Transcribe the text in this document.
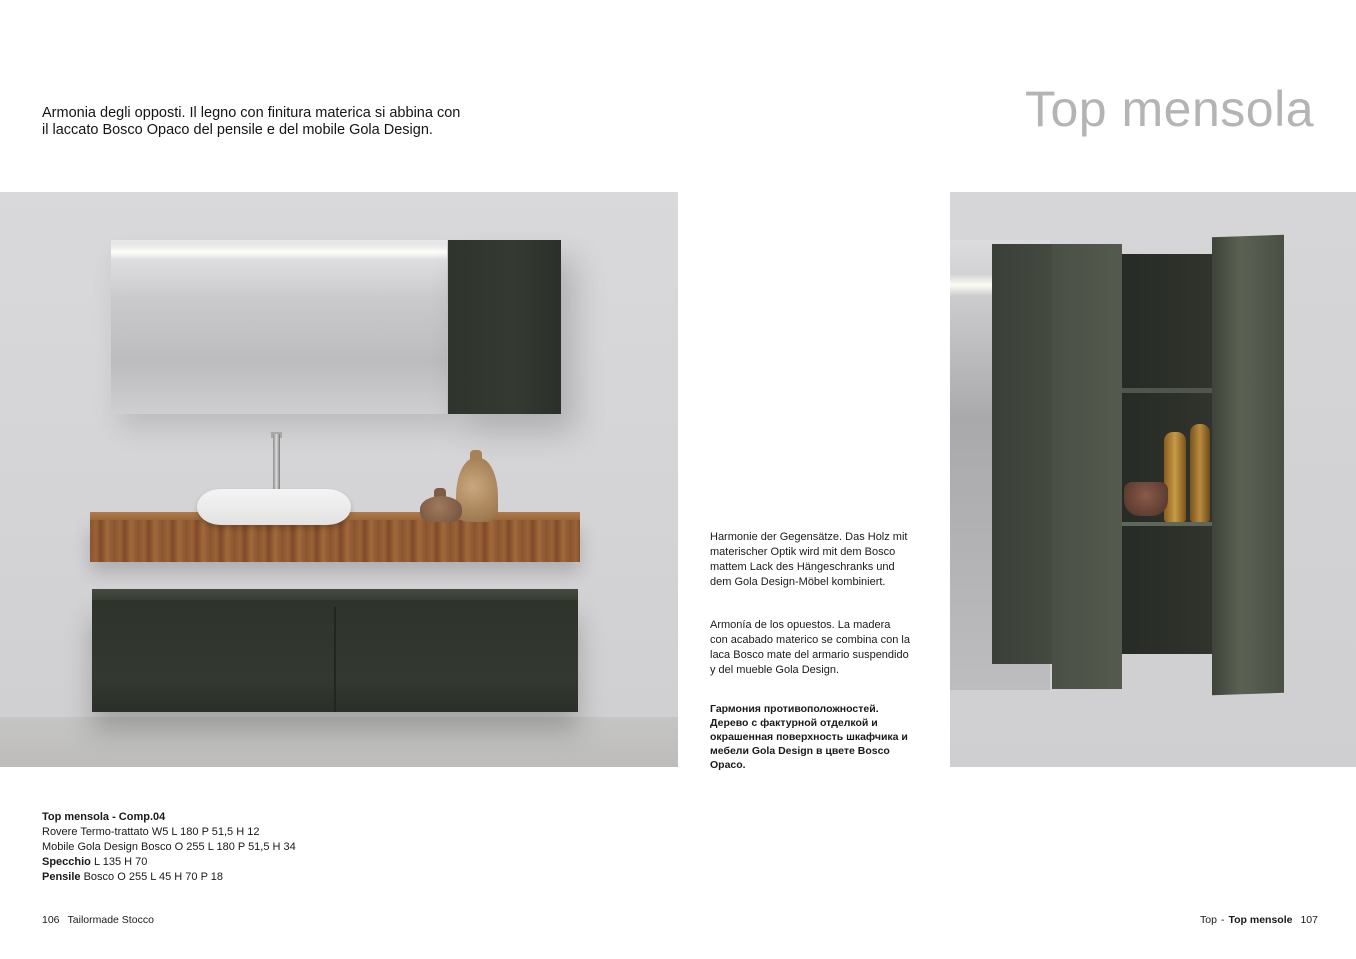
Armonia degli opposti. Il legno con finitura materica si abbina con il laccato Bosco Opaco del pensile e del mobile Gola Design.	Top mensola
Harmonie der Gegensätze. Das Holz mit materischer Optik wird mit dem Bosco mattem Lack des Hängeschranks und dem Gola Design-Möbel kombiniert.
Armonía de los opuestos. La madera con acabado materico se combina con la laca Bosco mate del armario suspendido y del mueble Gola Design.
Гармония противоположностей. Дерево с фактурной отделкой и окрашенная поверхность шкафчика и мебели Gola Design в цвете Bosco Opaco.
Top mensola - Comp.04
Rovere Termo-trattato W5 L 180 P 51,5 H 12
Mobile Gola Design Bosco O 255 L 180 P 51,5 H 34
Specchio L 135 H 70
Pensile Bosco O 255 L 45 H 70 P 18
106 Tailormade Stocco	Top - Top mensole 107
